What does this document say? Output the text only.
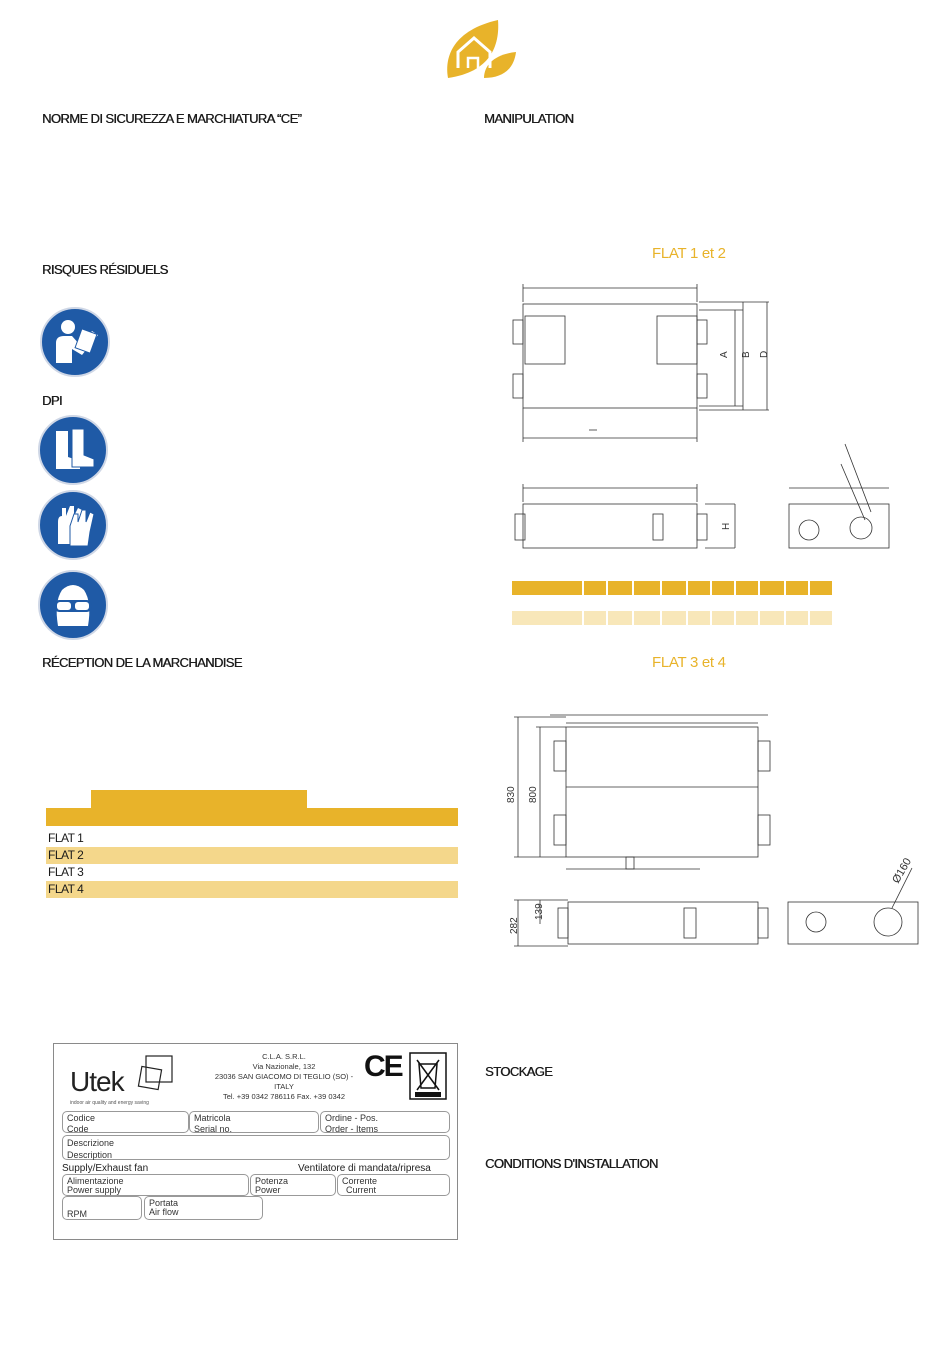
NORME DI SICUREZZA E MARCHIATURA “CE”
RISQUES RÉSIDUELS
DPI
RÉCEPTION DE LA MARCHANDISE
FLAT 1
FLAT 2
FLAT 3
FLAT 4
MANIPULATION
FLAT 1 et 2
A B D
H
FLAT 3 et 4
830 800
282
139
Ø160
STOCKAGE
CONDITIONS D'INSTALLATION
Utek
indoor air quality and energy saving
C.L.A. S.R.L.
Via Nazionale, 132
23036 SAN GIACOMO DI TEGLIO (SO) -
ITALY
Tel. +39 0342 786116 Fax. +39 0342
CE
Codice
Code
Matricola
Serial no.
Ordine - Pos.
Order - Items
Descrizione
Description
Supply/Exhaust fan	Ventilatore di mandata/ripresa
Alimentazione
Power supply
Potenza
Power
Corrente
Current
RPM
Portata
Air flow
